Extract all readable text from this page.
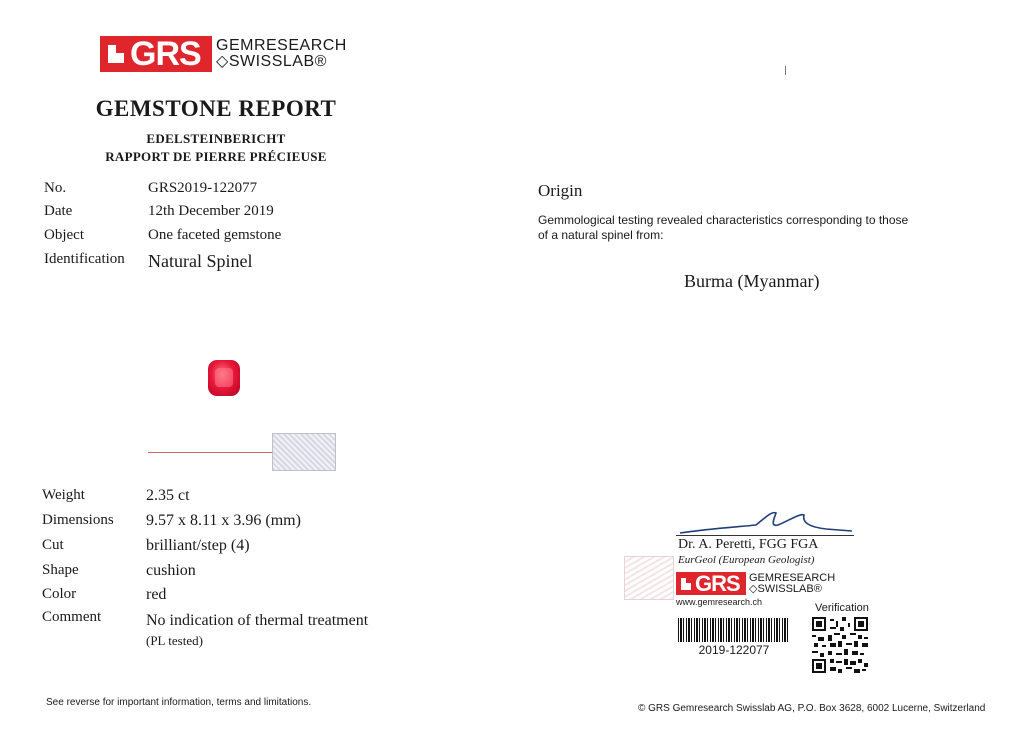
GRS GEMRESEARCH
◇SWISSLAB®
GEMSTONE REPORT
EDELSTEINBERICHT
RAPPORT DE PIERRE PRÉCIEUSE
No.	GRS2019-122077
Date	12th December 2019
Object	One faceted gemstone
Identification Natural Spinel
Weight	2.35 ct
Dimensions 9.57 x 8.11 x 3.96 (mm)
Cut	brilliant/step (4)
Shape	cushion
Color	red
Comment	No indication of thermal treatment
(PL tested)
See reverse for important information, terms and limitations.
Origin
Gemmological testing revealed characteristics corresponding to those
of a natural spinel from:
Burma (Myanmar)
Dr. A. Peretti, FGG FGA
EurGeol (European Geologist)
GRS GEMRESEARCH
◇SWISSLAB®
www.gemresearch.ch	Verification
2019-122077
© GRS Gemresearch Swisslab AG, P.O. Box 3628, 6002 Lucerne, Switzerland
